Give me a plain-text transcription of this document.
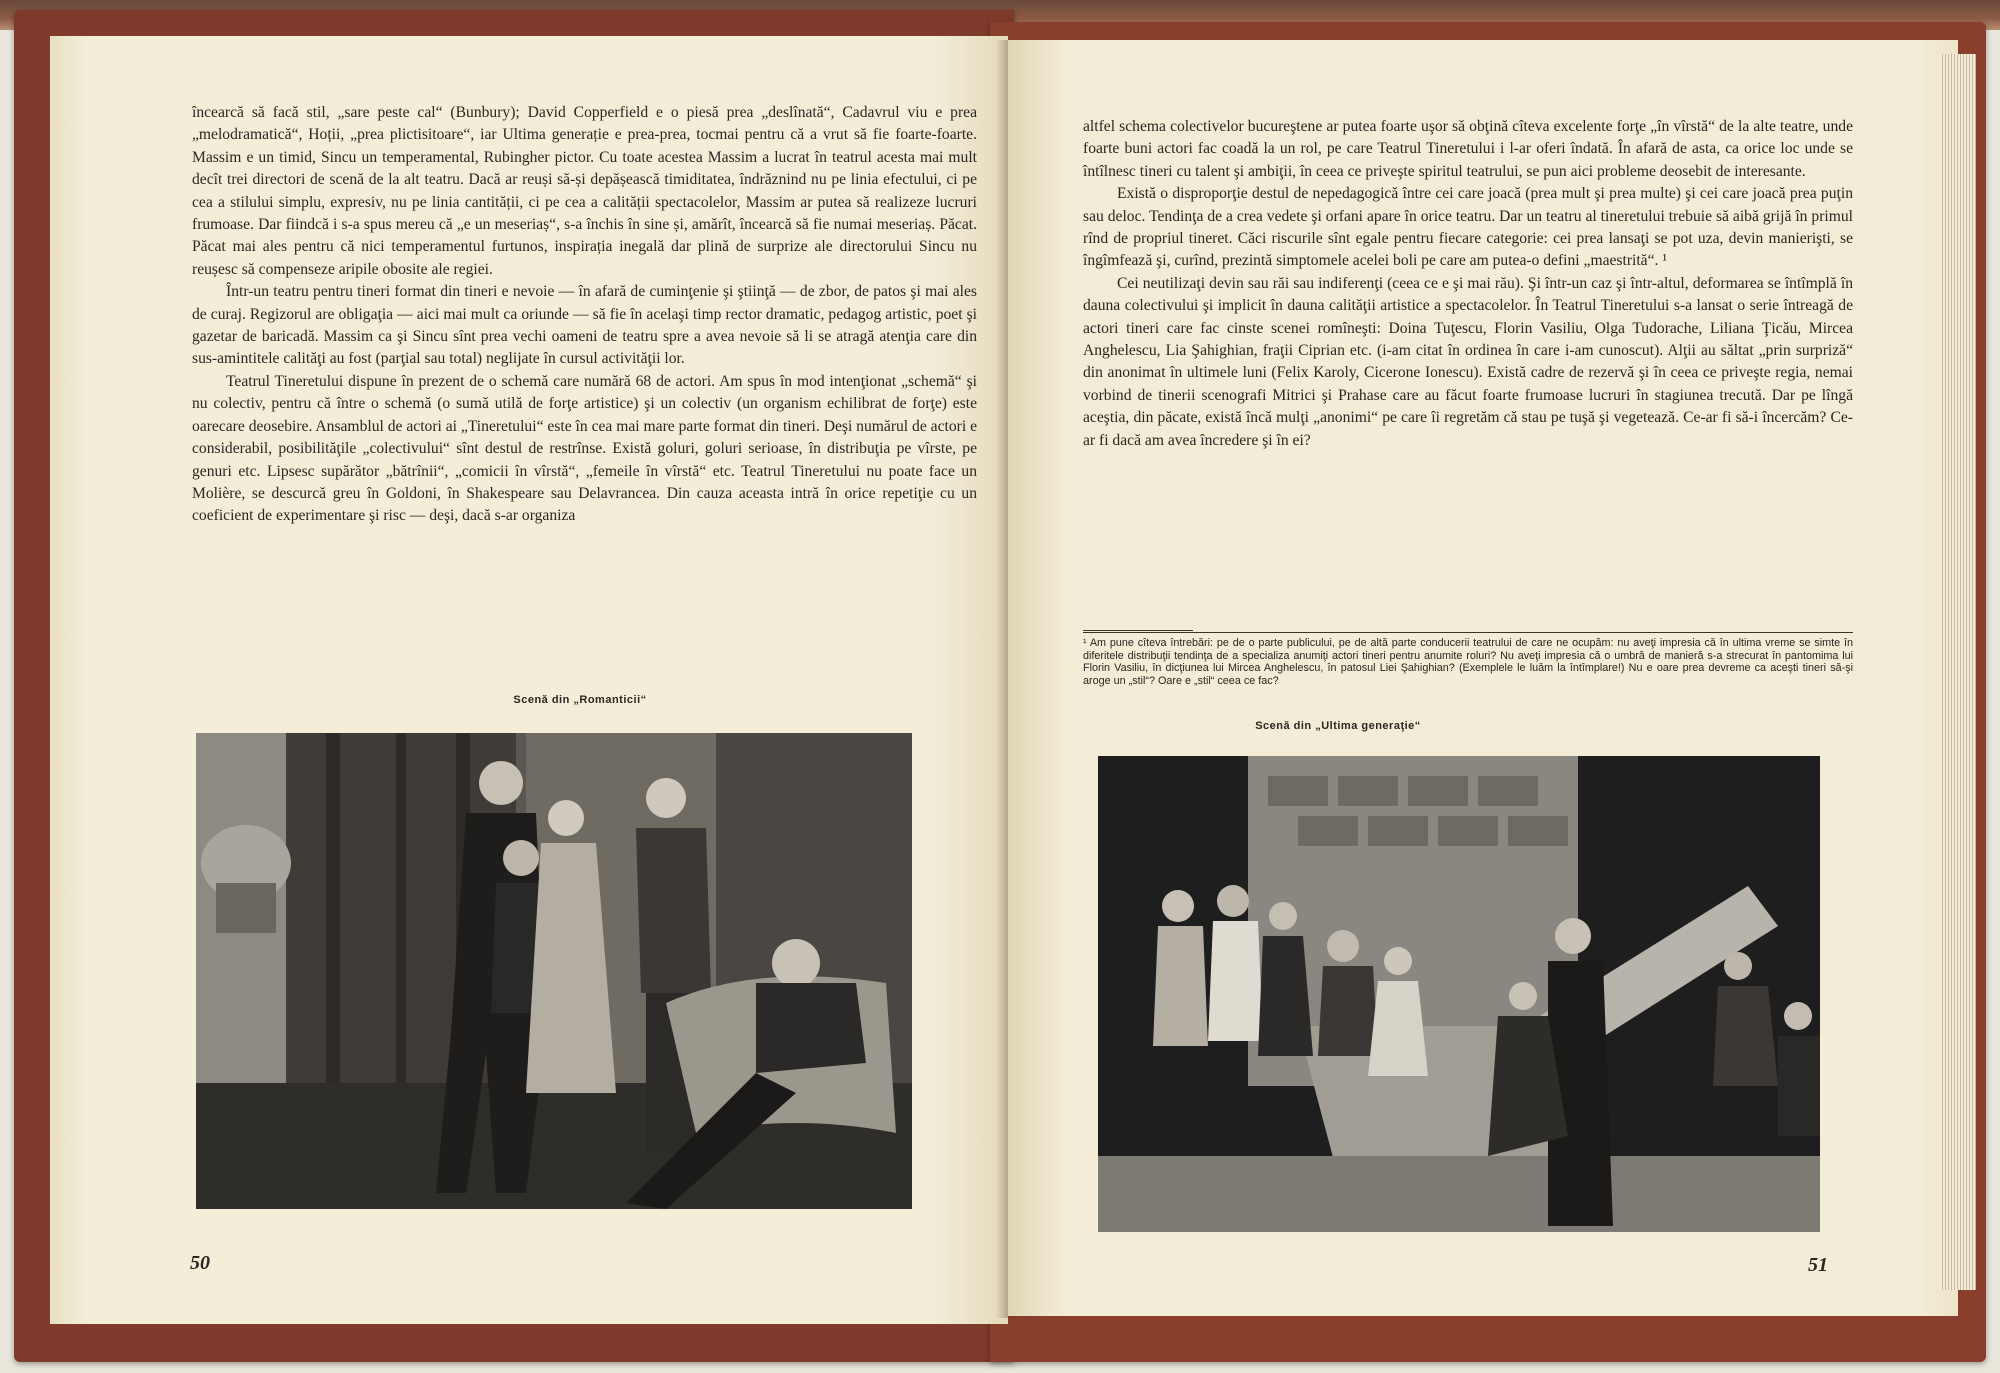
încearcă să facă stil, „sare peste cal“ (Bunbury); David Copperfield e o piesă prea „deslînată“, Cadavrul viu e prea „melodramatică“, Hoții, „prea plictisitoare“, iar Ultima generație e prea-prea, tocmai pentru că a vrut să fie foarte-foarte. Massim e un timid, Sincu un temperamental, Rubingher pictor. Cu toate acestea Massim a lucrat în teatrul acesta mai mult decît trei directori de scenă de la alt teatru. Dacă ar reuși să-și depășească timiditatea, îndrăznind nu pe linia efectului, ci pe cea a stilului simplu, expresiv, nu pe linia cantității, ci pe cea a calității spectacolelor, Massim ar putea să realizeze lucruri frumoase. Dar fiindcă i s-a spus mereu că „e un meseriaș“, s-a închis în sine și, amărît, încearcă să fie numai meseriaș. Păcat. Păcat mai ales pentru că nici temperamentul furtunos, inspirația inegală dar plină de surprize ale directorului Sincu nu reușesc să compenseze aripile obosite ale regiei.

Într-un teatru pentru tineri format din tineri e nevoie — în afară de cuminţenie şi ştiinţă — de zbor, de patos şi mai ales de curaj. Regizorul are obligaţia — aici mai mult ca oriunde — să fie în acelaşi timp rector dramatic, pedagog artistic, poet şi gazetar de baricadă. Massim ca şi Sincu sînt prea vechi oameni de teatru spre a avea nevoie să li se atragă atenţia care din sus-amintitele calităţi au fost (parţial sau total) neglijate în cursul activităţii lor.

Teatrul Tineretului dispune în prezent de o schemă care numără 68 de actori. Am spus în mod intenţionat „schemă“ şi nu colectiv, pentru că între o schemă (o sumă utilă de forţe artistice) şi un colectiv (un organism echilibrat de forţe) este oarecare deosebire. Ansamblul de actori ai „Tineretului“ este în cea mai mare parte format din tineri. Deşi numărul de actori e considerabil, posibilităţile „colectivului“ sînt destul de restrînse. Există goluri, goluri serioase, în distribuţia pe vîrste, pe genuri etc. Lipsesc supărător „bătrînii“, „comicii în vîrstă“, „femeile în vîrstă“ etc. Teatrul Tineretului nu poate face un Molière, se descurcă greu în Goldoni, în Shakespeare sau Delavrancea. Din cauza aceasta intră în orice repetiţie cu un coeficient de experimentare şi risc — deşi, dacă s-ar organiza

Scenă din „Romanticii“
50

altfel schema colectivelor bucureştene ar putea foarte uşor să obţină cîteva excelente forţe „în vîrstă“ de la alte teatre, unde foarte buni actori fac coadă la un rol, pe care Teatrul Tineretului i l-ar oferi îndată. În afară de asta, ca orice loc unde se întîlnesc tineri cu talent şi ambiţii, în ceea ce priveşte spiritul teatrului, se pun aici probleme deosebit de interesante.

Există o disproporţie destul de nepedagogică între cei care joacă (prea mult şi prea multe) şi cei care joacă prea puţin sau deloc. Tendinţa de a crea vedete şi orfani apare în orice teatru. Dar un teatru al tineretului trebuie să aibă grijă în primul rînd de propriul tineret. Căci riscurile sînt egale pentru fiecare categorie: cei prea lansaţi se pot uza, devin manierişti, se îngîmfează şi, curînd, prezintă simptomele acelei boli pe care am putea-o defini „maestrită“. ¹

Cei neutilizaţi devin sau răi sau indiferenţi (ceea ce e şi mai rău). Şi într-un caz şi într-altul, deformarea se întîmplă în dauna colectivului şi implicit în dauna calităţii artistice a spectacolelor. În Teatrul Tineretului s-a lansat o serie întreagă de actori tineri care fac cinste scenei romîneşti: Doina Tuţescu, Florin Vasiliu, Olga Tudorache, Liliana Ţicău, Mircea Anghelescu, Lia Şahighian, fraţii Ciprian etc. (i-am citat în ordinea în care i-am cunoscut). Alţii au săltat „prin surpriză“ din anonimat în ultimele luni (Felix Karoly, Cicerone Ionescu). Există cadre de rezervă şi în ceea ce priveşte regia, nemai vorbind de tinerii scenografi Mitrici şi Prahase care au făcut foarte frumoase lucruri în stagiunea trecută. Dar pe lîngă aceştia, din păcate, există încă mulţi „anonimi“ pe care îi regretăm că stau pe tuşă şi vegetează. Ce-ar fi să-i încercăm? Ce-ar fi dacă am avea încredere şi în ei?

¹ Am pune cîteva întrebări: pe de o parte publicului, pe de altă parte conducerii teatrului de care ne ocupăm: nu aveţi impresia că în ultima vreme se simte în diferitele distribuţii tendinţa de a specializa anumiţi actori tineri pentru anumite roluri? Nu aveţi impresia că o umbră de manieră s-a strecurat în pantomima lui Florin Vasiliu, în dicţiunea lui Mircea Anghelescu, în patosul Liei Şahighian? (Exemplele le luăm la întîmplare!) Nu e oare prea devreme ca aceşti tineri să-şi aroge un „stil“? Oare e „stil“ ceea ce fac?
Scenă din „Ultima generaţie“
51
